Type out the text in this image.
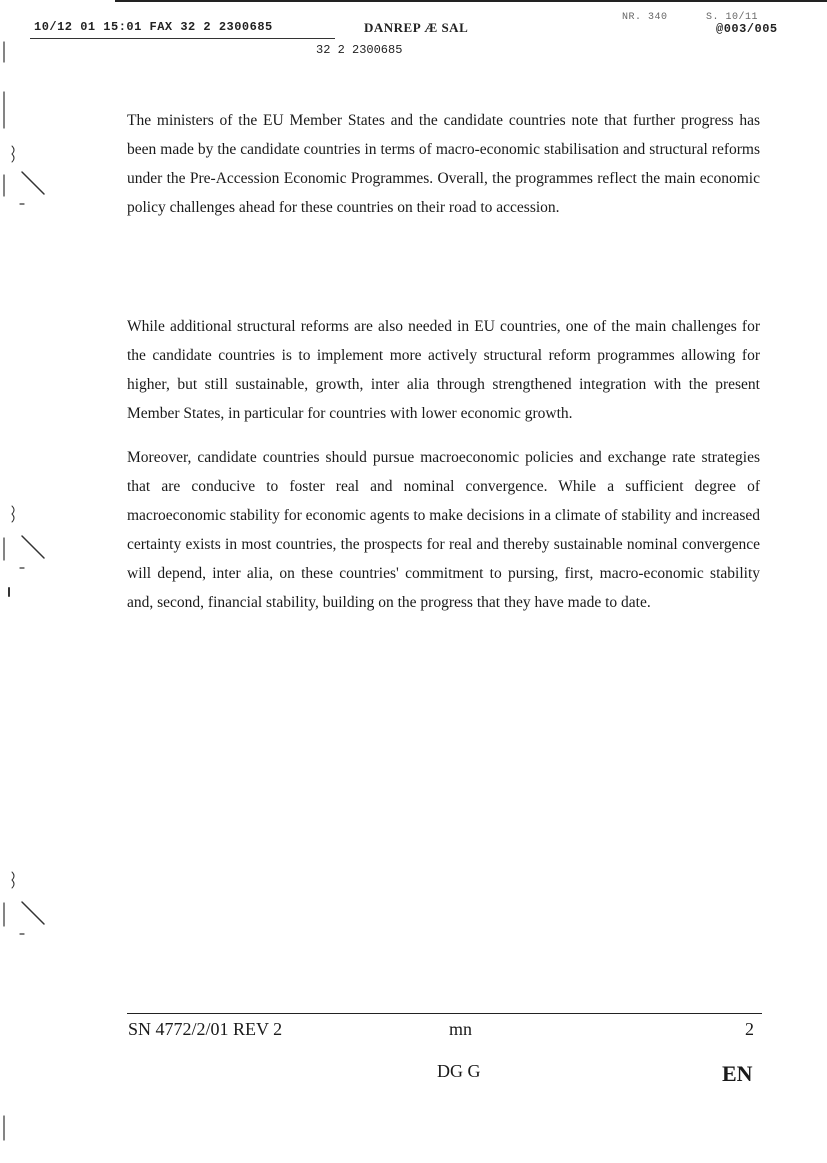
10/12 01 15:01 FAX 32 2 2300685	DANREP Æ SAL
NR. 340	S. 10/11
@003/005
32 2 2300685

The ministers of the EU Member States and the candidate countries note that further progress has been made by the candidate countries in terms of macro-economic stabilisation and structural reforms under the Pre-Accession Economic Programmes. Overall, the programmes reflect the main economic policy challenges ahead for these countries on their road to accession.

While additional structural reforms are also needed in EU countries, one of the main challenges for the candidate countries is to implement more actively structural reform programmes allowing for higher, but still sustainable, growth, inter alia through strengthened integration with the present Member States, in particular for countries with lower economic growth.

Moreover, candidate countries should pursue macroeconomic policies and exchange rate strategies that are conducive to foster real and nominal convergence. While a sufficient degree of macroeconomic stability for economic agents to make decisions in a climate of stability and increased certainty exists in most countries, the prospects for real and thereby sustainable nominal convergence will depend, inter alia, on these countries' commitment to pursing, first, macro-economic stability and, second, financial stability, building on the progress that they have made to date.

SN 4772/2/01 REV 2	mn	2
DG G	EN
